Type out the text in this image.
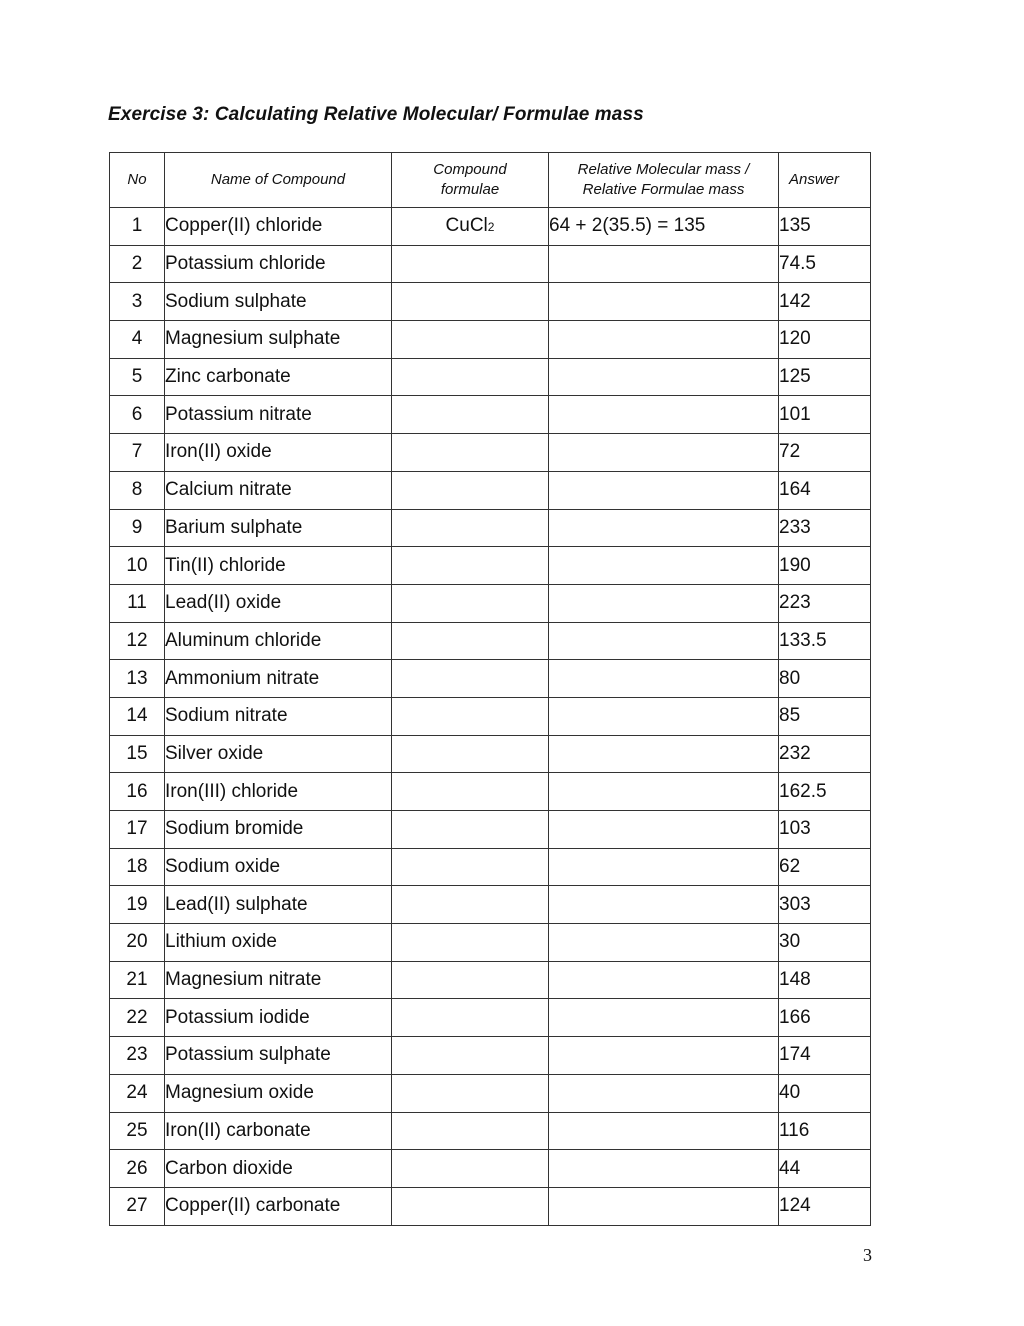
Exercise 3: Calculating Relative Molecular/ Formulae mass
No	Name of Compound	Compound formulae	Relative Molecular mass / Relative Formulae mass	Answer
1	Copper(II) chloride	CuCl2	64 + 2(35.5) = 135	135
2	Potassium chloride			74.5
3	Sodium sulphate			142
4	Magnesium sulphate			120
5	Zinc carbonate			125
6	Potassium nitrate			101
7	Iron(II) oxide			72
8	Calcium nitrate			164
9	Barium sulphate			233
10	Tin(II) chloride			190
11	Lead(II) oxide			223
12	Aluminum chloride			133.5
13	Ammonium nitrate			80
14	Sodium nitrate			85
15	Silver oxide			232
16	Iron(III) chloride			162.5
17	Sodium bromide			103
18	Sodium oxide			62
19	Lead(II) sulphate			303
20	Lithium oxide			30
21	Magnesium nitrate			148
22	Potassium iodide			166
23	Potassium sulphate			174
24	Magnesium oxide			40
25	Iron(II) carbonate			116
26	Carbon dioxide			44
27	Copper(II) carbonate			124
3
